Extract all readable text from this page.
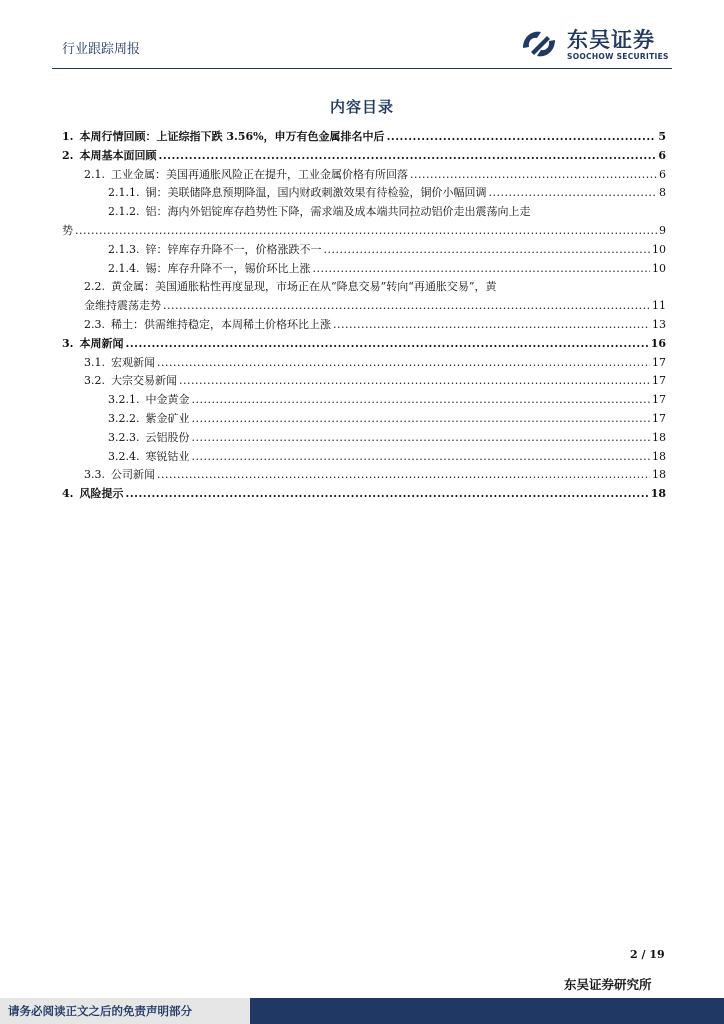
行业跟踪周报	东吴证券
SOOCHOW SECURITIES
内容目录
1. 本周行情回顾：上证综指下跌 3.56%，申万有色金属排名中后 .....	5
2. 本周基本面回顾 .....	6
2.1. 工业金属：美国再通胀风险正在提升，工业金属价格有所回落 .....	6
2.1.1. 铜：美联储降息预期降温，国内财政刺激效果有待检验，铜价小幅回调 .....	8
2.1.2. 铝：海内外铝锭库存趋势性下降，需求端及成本端共同拉动铝价走出震荡向上走
势 .....	9
2.1.3. 锌：锌库存升降不一，价格涨跌不一 .....	10
2.1.4. 锡：库存升降不一，锡价环比上涨 .....	10
2.2. 黄金属：美国通胀粘性再度显现，市场正在从“降息交易”转向“再通胀交易”，黄
金维持震荡走势 .....	11
2.3. 稀土：供需维持稳定，本周稀土价格环比上涨 .....	13
3. 本周新闻 .....	16
3.1. 宏观新闻 .....	17
3.2. 大宗交易新闻 .....	17
3.2.1. 中金黄金 .....	17
3.2.2. 紫金矿业 .....	17
3.2.3. 云铝股份 .....	18
3.2.4. 寒锐钴业 .....	18
3.3. 公司新闻 .....	18
4. 风险提示 .....	18
2 / 19
东吴证券研究所
请务必阅读正文之后的免责声明部分
